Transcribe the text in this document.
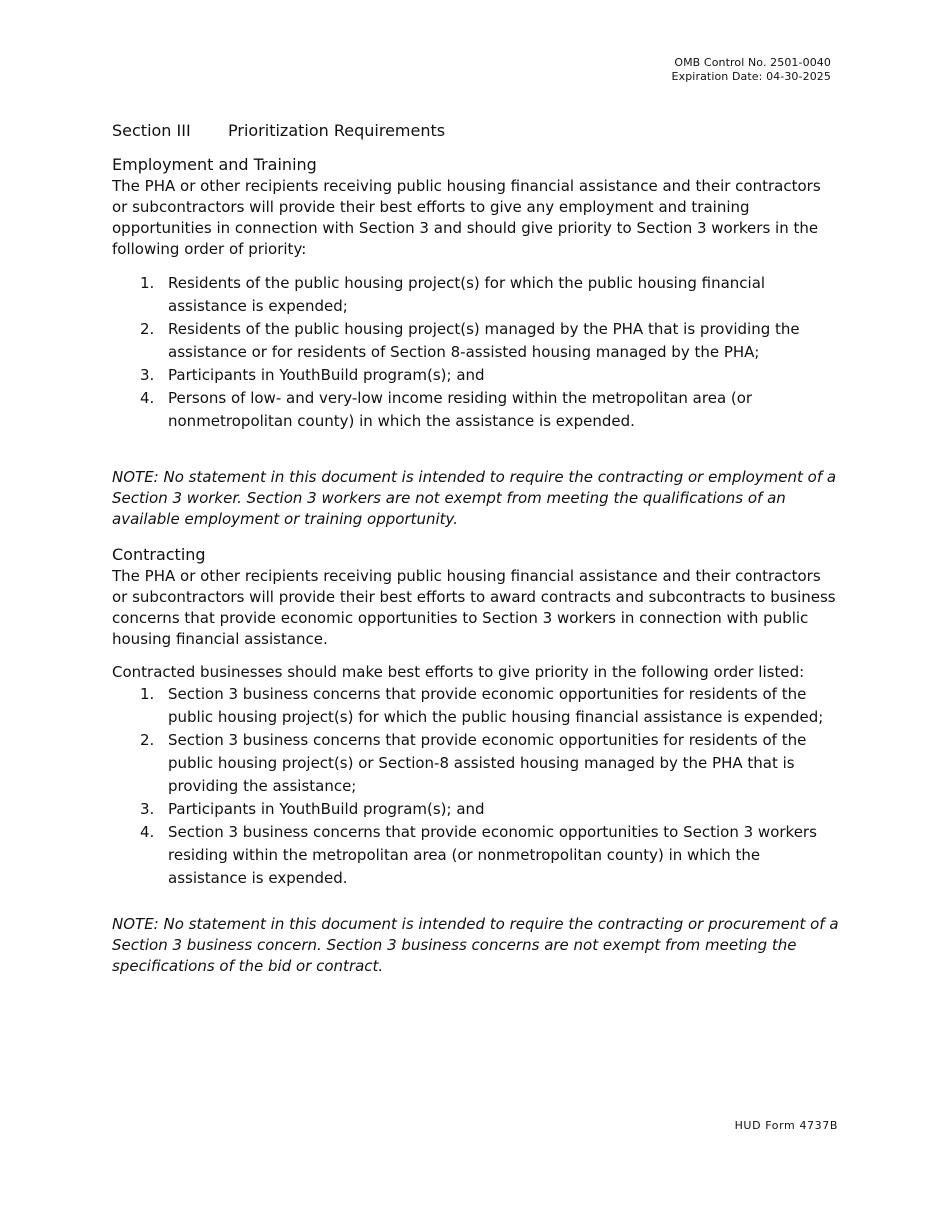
OMB Control No. 2501-0040
Expiration Date: 04-30-2025
Section III Prioritization Requirements
Employment and Training

The PHA or other recipients receiving public housing financial assistance and their contractors or subcontractors will provide their best efforts to give any employment and training opportunities in connection with Section 3 and should give priority to Section 3 workers in the following order of priority:

1. Residents of the public housing project(s) for which the public housing financial assistance is expended;
2. Residents of the public housing project(s) managed by the PHA that is providing the assistance or for residents of Section 8-assisted housing managed by the PHA;
3. Participants in YouthBuild program(s); and
4. Persons of low- and very-low income residing within the metropolitan area (or nonmetropolitan county) in which the assistance is expended.

NOTE: No statement in this document is intended to require the contracting or employment of a Section 3 worker. Section 3 workers are not exempt from meeting the qualifications of an available employment or training opportunity.

Contracting

The PHA or other recipients receiving public housing financial assistance and their contractors or subcontractors will provide their best efforts to award contracts and subcontracts to business concerns that provide economic opportunities to Section 3 workers in connection with public housing financial assistance.

Contracted businesses should make best efforts to give priority in the following order listed:

1. Section 3 business concerns that provide economic opportunities for residents of the public housing project(s) for which the public housing financial assistance is expended;
2. Section 3 business concerns that provide economic opportunities for residents of the public housing project(s) or Section-8 assisted housing managed by the PHA that is providing the assistance;
3. Participants in YouthBuild program(s); and
4. Section 3 business concerns that provide economic opportunities to Section 3 workers residing within the metropolitan area (or nonmetropolitan county) in which the assistance is expended.

NOTE: No statement in this document is intended to require the contracting or procurement of a Section 3 business concern. Section 3 business concerns are not exempt from meeting the specifications of the bid or contract.

HUD Form 4737B
